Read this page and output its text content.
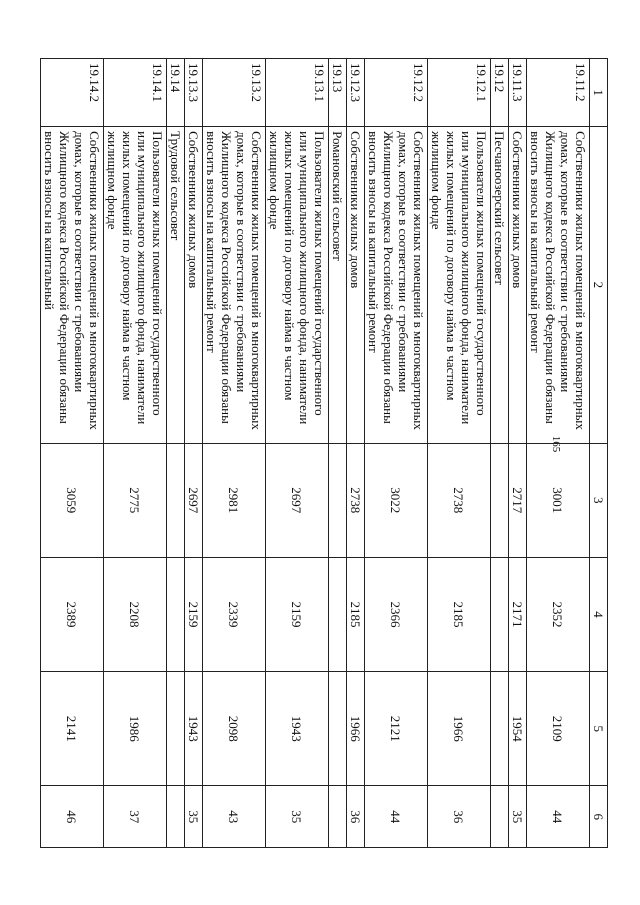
165
1	2	3	4	5	6
19.11.2	Собственники жилых помещений в многоквартирных домах, которые в соответствии с требованиями Жилищного кодекса Российской Федерации обязаны вносить взносы на капитальный ремонт	3001	2352	2109	44
19.11.3	Собственники жилых домов	2717	2171	1954	35
19.12	Песчаноозерский сельсовет				
19.12.1	Пользователи жилых помещений государственного или муниципального жилищного фонда, наниматели жилых помещений по договору найма в частном жилищном фонде	2738	2185	1966	36
19.12.2	Собственники жилых помещений в многоквартирных домах, которые в соответствии с требованиями Жилищного кодекса Российской Федерации обязаны вносить взносы на капитальный ремонт	3022	2366	2121	44
19.12.3	Собственники жилых домов	2738	2185	1966	36
19.13	Романовский сельсовет				
19.13.1	Пользователи жилых помещений государственного или муниципального жилищного фонда, наниматели жилых помещений по договору найма в частном жилищном фонде	2697	2159	1943	35
19.13.2	Собственники жилых помещений в многоквартирных домах, которые в соответствии с требованиями Жилищного кодекса Российской Федерации обязаны вносить взносы на капитальный ремонт	2981	2339	2098	43
19.13.3	Собственники жилых домов	2697	2159	1943	35
19.14	Трудовой сельсовет				
19.14.1	Пользователи жилых помещений государственного или муниципального жилищного фонда, наниматели жилых помещений по договору найма в частном жилищном фонде	2775	2208	1986	37
19.14.2	Собственники жилых помещений в многоквартирных домах, которые в соответствии с требованиями Жилищного кодекса Российской Федерации обязаны вносить взносы на капитальный	3059	2389	2141	46
